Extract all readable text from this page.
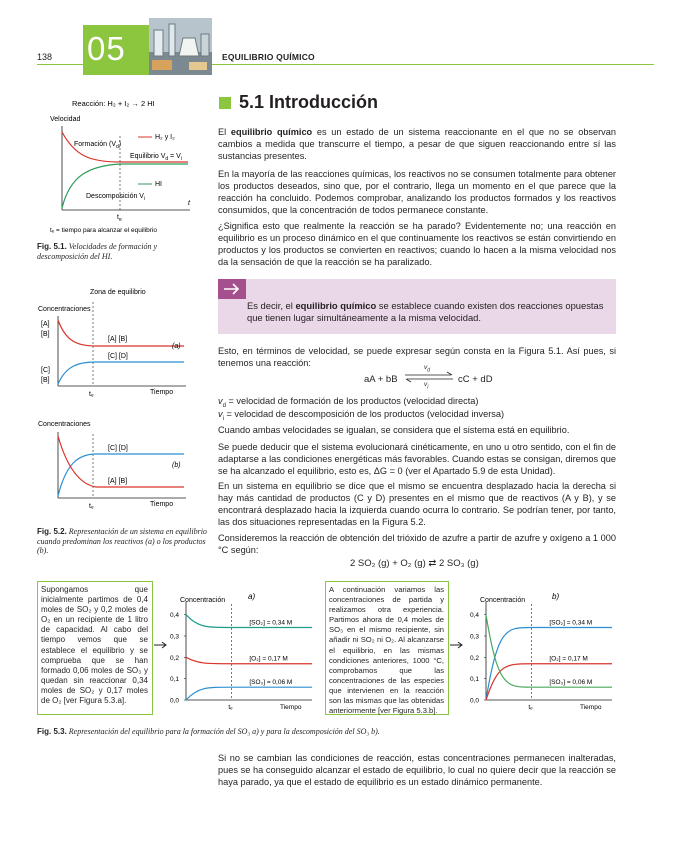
138 05	EQUILIBRIO QUÍMICO
5.1 Introducción
El equilibrio químico es un estado de un sistema reaccionante en el que no se observan cambios a medida que transcurre el tiempo, a pesar de que siguen reaccionando entre sí las sustancias presentes.
En la mayoría de las reacciones químicas, los reactivos no se consumen totalmente para obtener los productos deseados, sino que, por el contrario, llega un momento en el que parece que la reacción ha concluido. Podemos comprobar, analizando los productos formados y los reactivos consumidos, que la concentración de todos permanece constante.
¿Significa esto que realmente la reacción se ha parado? Evidentemente no; una reacción en equilibrio es un proceso dinámico en el que continuamente los reactivos se están convirtiendo en productos y los productos se convierten en reactivos; cuando lo hacen a la misma velocidad nos da la sensación de que la reacción se ha paralizado.
Es decir, el equilibrio químico se establece cuando existen dos reacciones opuestas que tienen lugar simultáneamente a la misma velocidad.
Esto, en términos de velocidad, se puede expresar según consta en la Figura 5.1. Así pues, si tenemos una reacción:
aA + bB ⇌
$v_d$
$v_i$
cC + dD
$v_d$ = velocidad de formación de los productos (velocidad directa)
$v_i$ = velocidad de descomposición de los productos (velocidad inversa)
Cuando ambas velocidades se igualan, se considera que el sistema está en equilibrio.
Se puede deducir que el sistema evolucionará cinéticamente, en uno u otro sentido, con el fin de adaptarse a las condiciones energéticas más favorables. Cuando estas se consigan, diremos que se ha alcanzado el equilibrio, esto es, ΔG = 0 (ver el Apartado 5.9 de esta Unidad).
En un sistema en equilibrio se dice que el mismo se encuentra desplazado hacia la derecha si hay más cantidad de productos (C y D) presentes en el mismo que de reactivos (A y B), y se encontrará desplazado hacia la izquierda cuando ocurra lo contrario. Se podrían tener, por tanto, las dos situaciones representadas en la Figura 5.2.
Consideremos la reacción de obtención del trióxido de azufre a partir de azufre y oxígeno a 1 000 °C según:
2 SO₂ (g) + O₂ (g) ⇄ 2 SO₃ (g)
Reacción: H₂ + I₂ → 2 HI
Velocidad
Formación $(V_d)$
H₂ y I₂
Equilibrio $V_d = V_i$
HI
Descomposición $V_i$
t
$t_e$
tₑ = tiempo para alcanzar el equilibrio
Fig. 5.1. Velocidades de formación y descomposición del HI.
Zona de equilibrio
Concentraciones
[A]
[B]
[A] [B]
[C] [D]
[C]
[B]
(a)
tₑ	Tiempo
Concentraciones
[C] [D]
[A] [B]
(b)
tₑ	Tiempo
Fig. 5.2. Representación de un sistema en equilibrio cuando predominan los reactivos (a) o los productos (b).
Supongamos que inicialmente partimos de 0,4 moles de SO₂ y 0,2 moles de O₂ en un recipiente de 1 litro de capacidad. Al cabo del tiempo vemos que se establece el equilibrio y se comprueba que se han formado 0,06 moles de SO₃ y quedan sin reaccionar 0,34 moles de SO₂ y 0,17 moles de O₂ [ver Figura 5.3.a].
A continuación variamos las concentraciones de partida y realizamos otra experiencia. Partimos ahora de 0,4 moles de SO₃ en el mismo recipiente, sin añadir ni SO₂ ni O₂. Al alcanzarse el equilibrio, en las mismas condiciones anteriores, 1000 °C, comprobamos que las concentraciones de las especies que intervienen en la reacción son las mismas que las obtenidas anteriormente [ver Figura 5.3.b].
Concentración	a)
0,0
0,1
0,2
0,3
0,4
tₑ	Tiempo
[SO₂] = 0,34 M
[O₂] = 0,17 M
[SO₃] = 0,06 M
Concentración	b)
0,0
0,1
0,2
0,3
0,4
tₑ	Tiempo
[SO₂] = 0,34 M
[O₂] = 0,17 M
[SO₃] = 0,06 M
Fig. 5.3. Representación del equilibrio para la formación del SO₃ a) y para la descomposición del SO₃ b).
Si no se cambian las condiciones de reacción, estas concentraciones permanecen inalteradas, pues se ha conseguido alcanzar el estado de equilibrio, lo cual no quiere decir que la reacción se haya parado, ya que el estado de equilibrio es un estado dinámico permanente.
